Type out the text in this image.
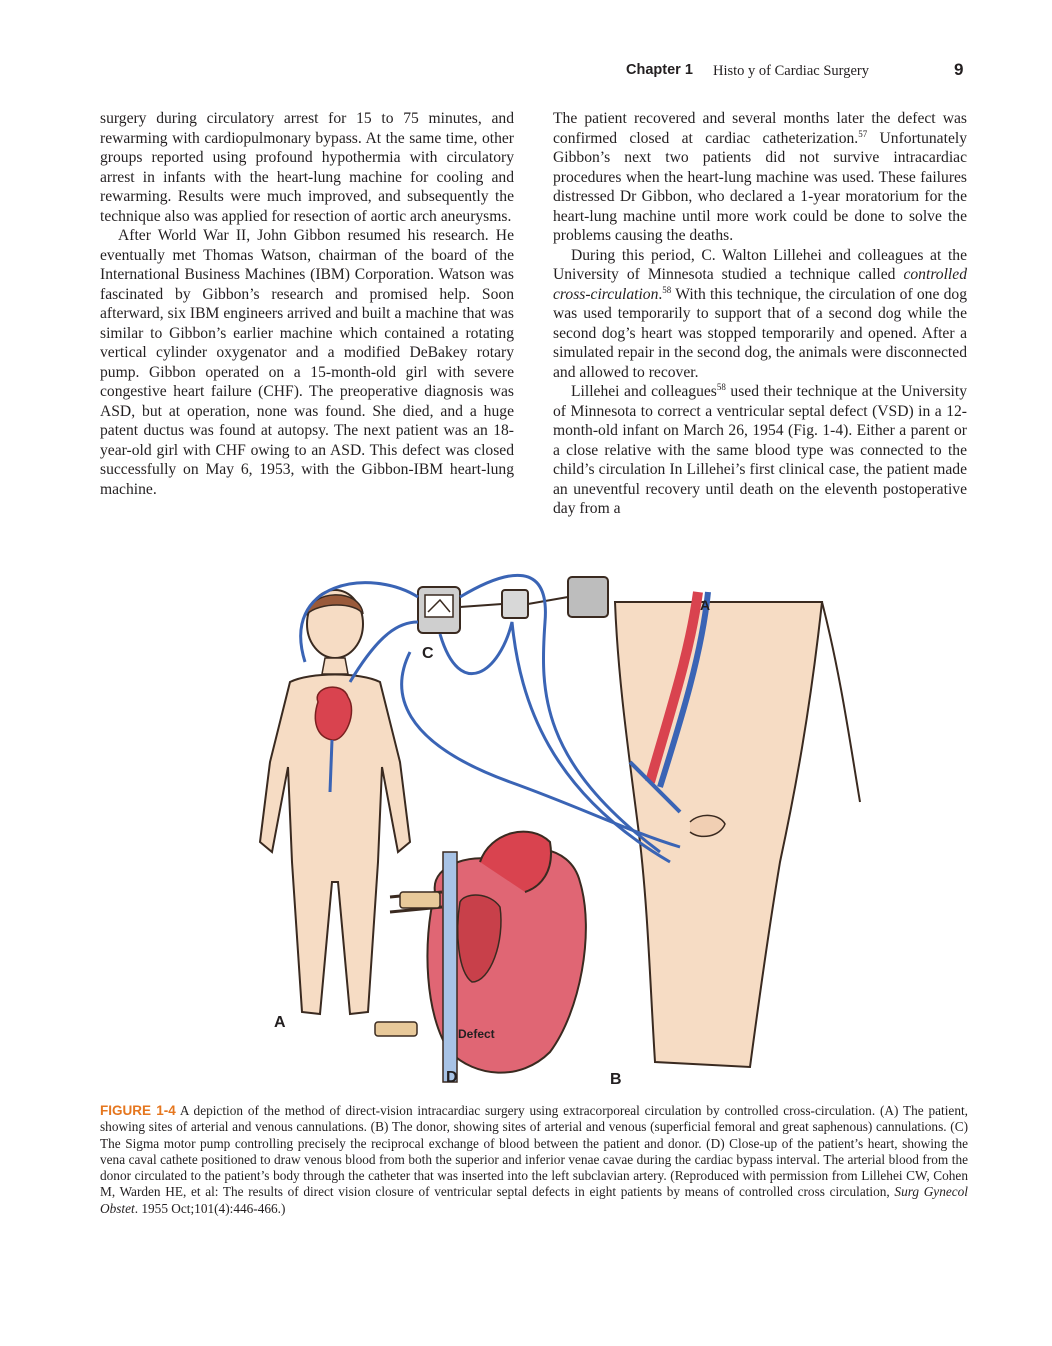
Chapter 1 Histo y of Cardiac Surgery	9

surgery during circulatory arrest for 15 to 75 minutes, and rewarming with cardiopulmonary bypass. At the same time, other groups reported using profound hypothermia with circulatory arrest in infants with the heart-lung machine for cooling and rewarming. Results were much improved, and subsequently the technique also was applied for resection of aortic arch aneurysms.

After World War II, John Gibbon resumed his research. He eventually met Thomas Watson, chairman of the board of the International Business Machines (IBM) Corporation. Watson was fascinated by Gibbon’s research and promised help. Soon afterward, six IBM engineers arrived and built a machine that was similar to Gibbon’s earlier machine which contained a rotating vertical cylinder oxygenator and a modified DeBakey rotary pump. Gibbon operated on a 15-month-old girl with severe congestive heart failure (CHF). The preoperative diagnosis was ASD, but at operation, none was found. She died, and a huge patent ductus was found at autopsy. The next patient was an 18-year-old girl with CHF owing to an ASD. This defect was closed successfully on May 6, 1953, with the Gibbon-IBM heart-lung machine.

The patient recovered and several months later the defect was confirmed closed at cardiac catheterization.$^{57}$ Unfortunately Gibbon’s next two patients did not survive intracardiac procedures when the heart-lung machine was used. These failures distressed Dr Gibbon, who declared a 1-year moratorium for the heart-lung machine until more work could be done to solve the problems causing the deaths.

During this period, C. Walton Lillehei and colleagues at the University of Minnesota studied a technique called controlled cross-circulation.$^{58}$ With this technique, the circulation of one dog was used temporarily to support that of a second dog while the second dog’s heart was stopped temporarily and opened. After a simulated repair in the second dog, the animals were disconnected and allowed to recover.

Lillehei and colleagues$^{58}$ used their technique at the University of Minnesota to correct a ventricular septal defect (VSD) in a 12-month-old infant on March 26, 1954 (Fig. 1-4). Either a parent or a close relative with the same blood type was connected to the child’s circulation In Lillehei’s first clinical case, the patient made an uneventful recovery until death on the eleventh postoperative day from a

C
A
D	B
A
Defect
FIGURE 1-4 A depiction of the method of direct-vision intracardiac surgery using extracorporeal circulation by controlled cross-circulation. (A) The patient, showing sites of arterial and venous cannulations. (B) The donor, showing sites of arterial and venous (superficial femoral and great saphenous) cannulations. (C) The Sigma motor pump controlling precisely the reciprocal exchange of blood between the patient and donor. (D) Close-up of the patient’s heart, showing the vena caval cathete positioned to draw venous blood from both the superior and inferior venae cavae during the cardiac bypass interval. The arterial blood from the donor circulated to the patient’s body through the catheter that was inserted into the left subclavian artery. (Reproduced with permission from Lillehei CW, Cohen M, Warden HE, et al: The results of direct vision closure of ventricular septal defects in eight patients by means of controlled cross circulation, Surg Gynecol Obstet. 1955 Oct;101(4):446-466.)
